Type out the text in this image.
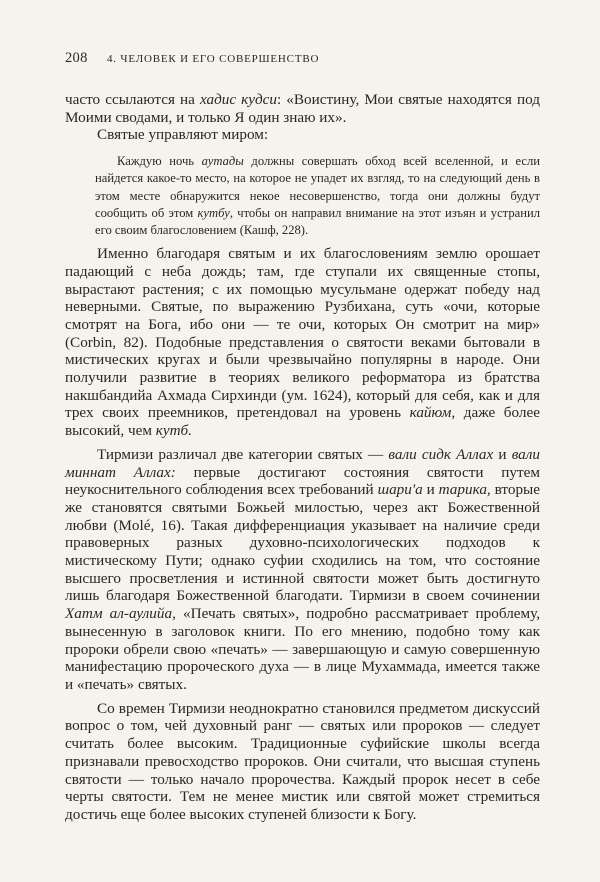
208	4. ЧЕЛОВЕК И ЕГО СОВЕРШЕНСТВО

часто ссылаются на хадис кудси: «Воистину, Мои святые находятся под Моими сводами, и только Я один знаю их».

Святые управляют миром:

Каждую ночь аутады должны совершать обход всей вселенной, и если найдется какое-то место, на которое не упадет их взгляд, то на следующий день в этом месте обнаружится некое несовершенство, тогда они должны будут сообщить об этом кутбу, чтобы он направил внимание на этот изъян и устранил его своим благословением (Кашф, 228).

Именно благодаря святым и их благословениям землю орошает падающий с неба дождь; там, где ступали их священные стопы, вырастают растения; с их помощью мусульмане одержат победу над неверными. Святые, по выражению Рузбихана, суть «очи, которые смотрят на Бога, ибо они — те очи, которых Он смотрит на мир» (Corbin, 82). Подобные представления о святости веками бытовали в мистических кругах и были чрезвычайно популярны в народе. Они получили развитие в теориях великого реформатора из братства накшбандийа Ахмада Сирхинди (ум. 1624), который для себя, как и для трех своих преемников, претендовал на уровень кайюм, даже более высокий, чем кутб.

Тирмизи различал две категории святых — вали сидк Аллах и вали миннат Аллах: первые достигают состояния святости путем неукоснительного соблюдения всех требований шари'а и тарика, вторые же становятся святыми Божьей милостью, через акт Божественной любви (Molé, 16). Такая дифференциация указывает на наличие среди правоверных разных духовно-психологических подходов к мистическому Пути; однако суфии сходились на том, что состояние высшего просветления и истинной святости может быть достигнуто лишь благодаря Божественной благодати. Тирмизи в своем сочинении Хатм ал-аулийа, «Печать святых», подробно рассматривает проблему, вынесенную в заголовок книги. По его мнению, подобно тому как пророки обрели свою «печать» — завершающую и самую совершенную манифестацию пророческого духа — в лице Мухаммада, имеется также и «печать» святых.

Со времен Тирмизи неоднократно становился предметом дискуссий вопрос о том, чей духовный ранг — святых или пророков — следует считать более высоким. Традиционные суфийские школы всегда признавали превосходство пророков. Они считали, что высшая ступень святости — только начало пророчества. Каждый пророк несет в себе черты святости. Тем не менее мистик или святой может стремиться достичь еще более высоких ступеней близости к Богу.
